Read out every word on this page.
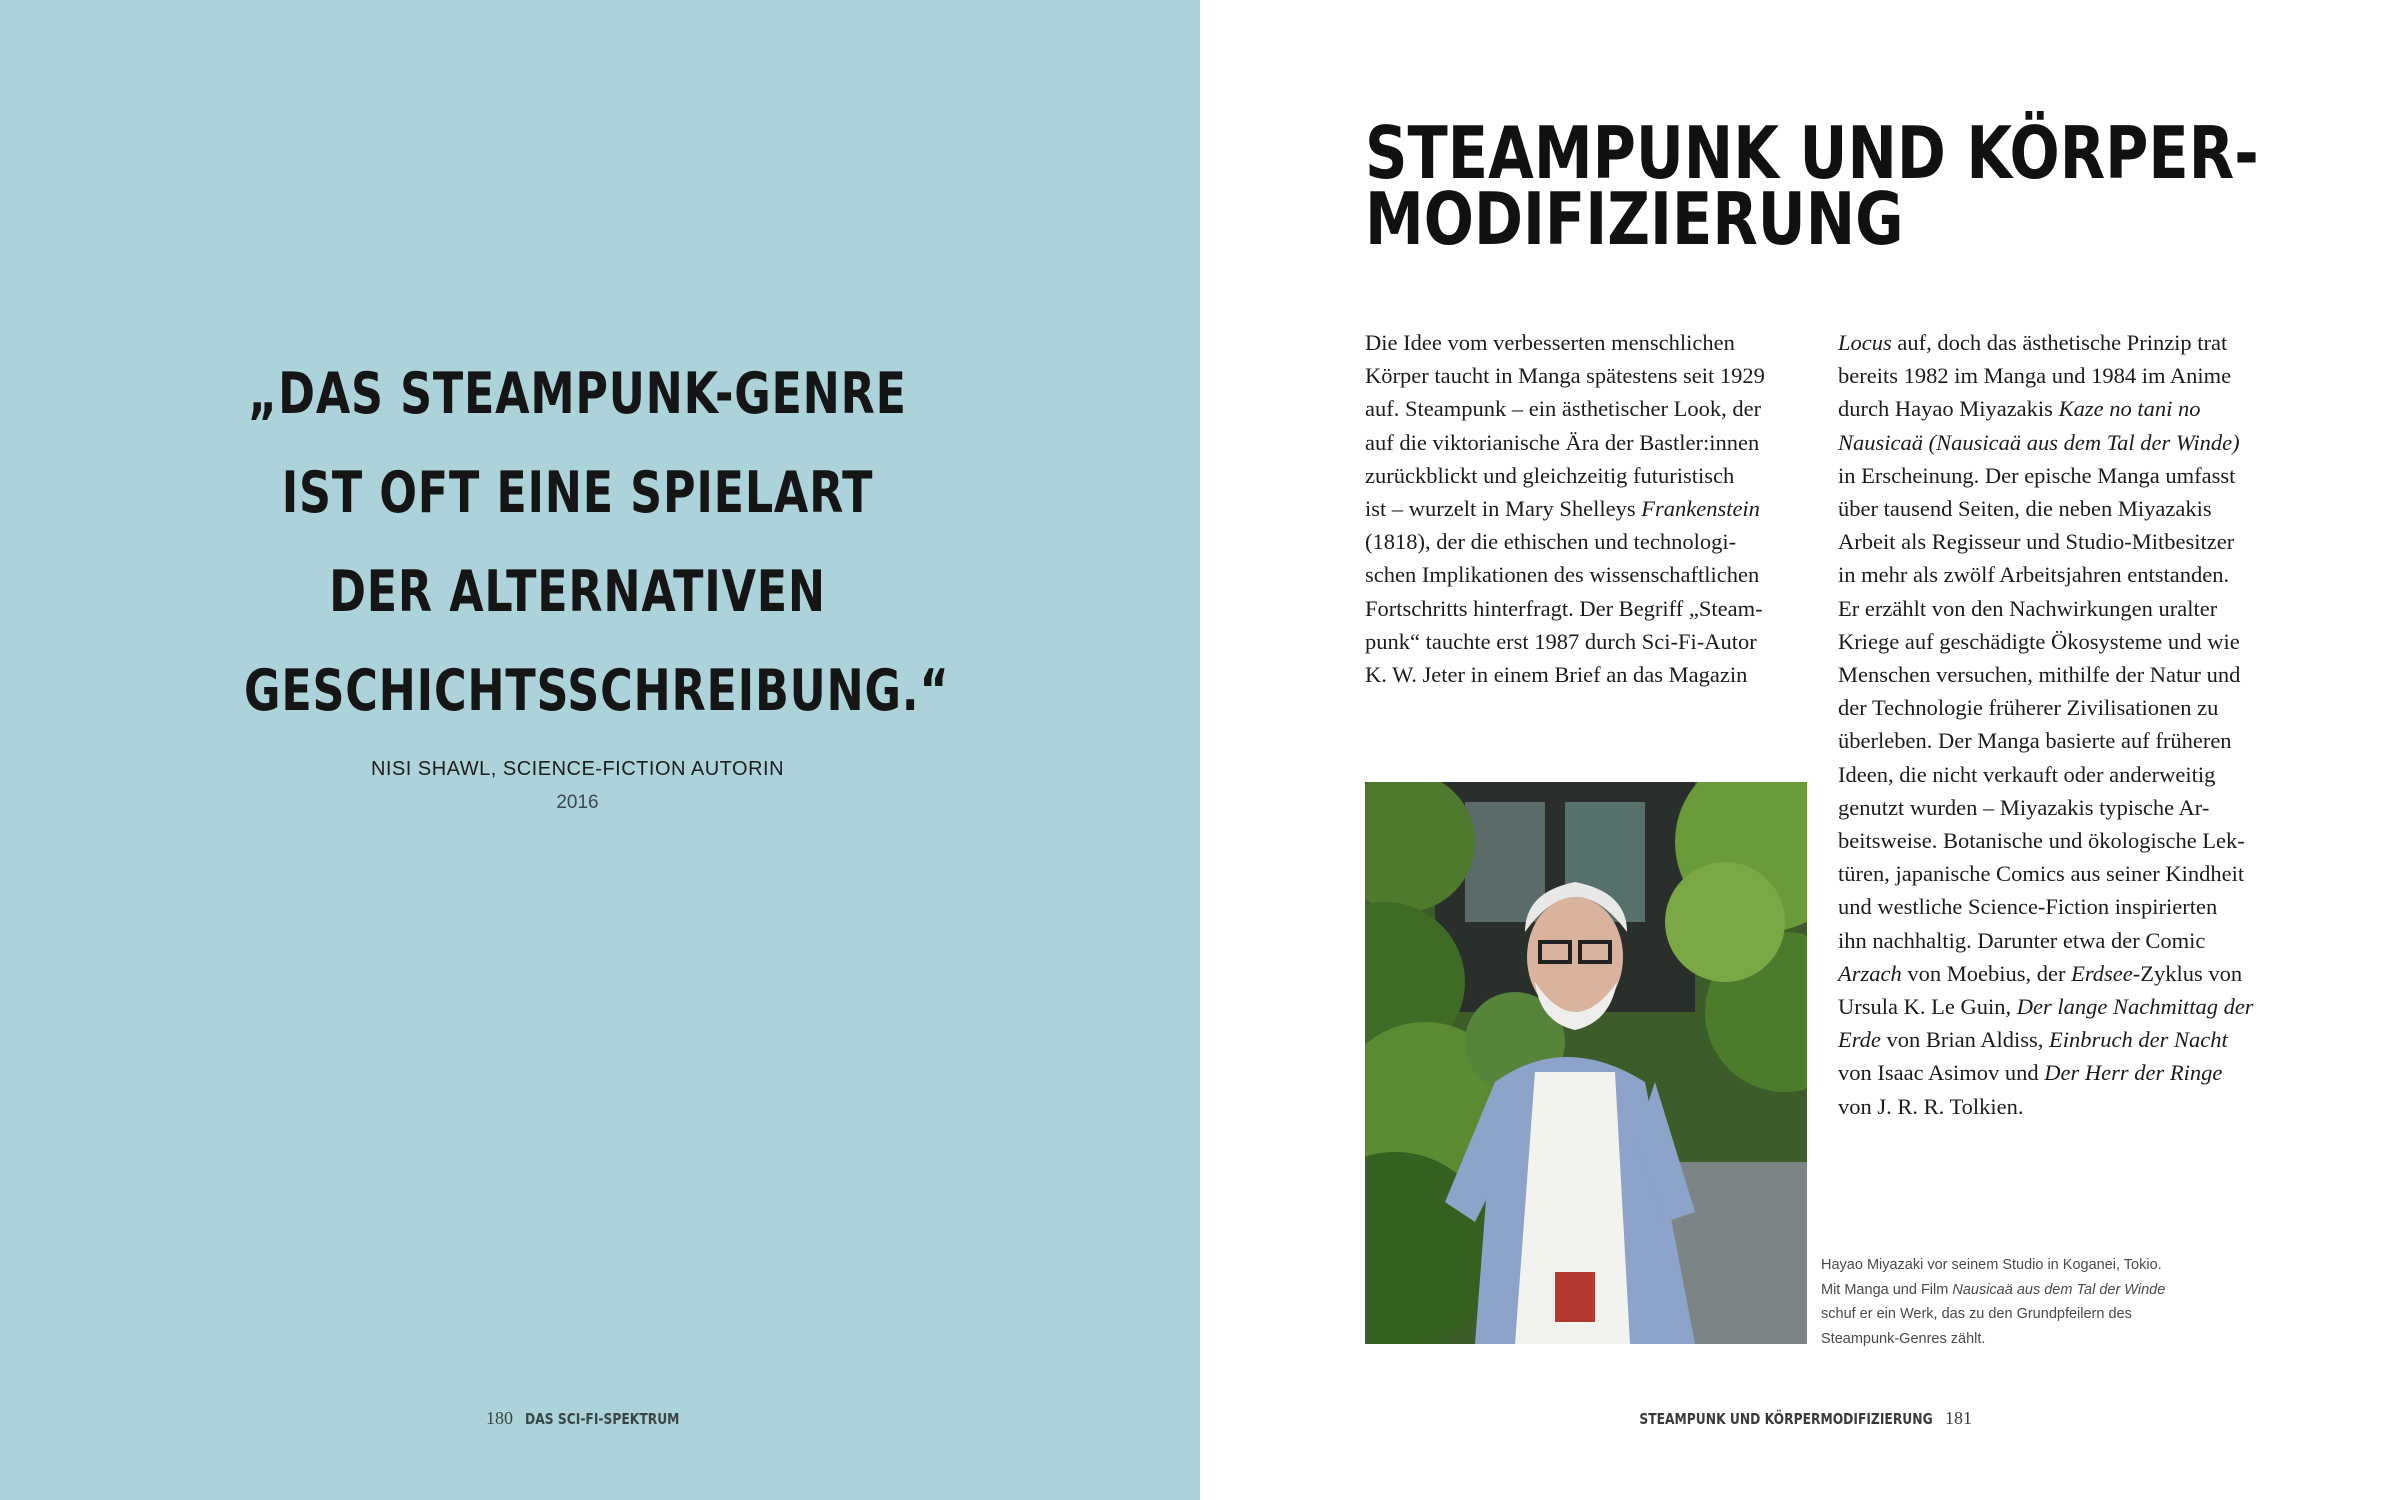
„DAS STEAMPUNK-GENRE
IST OFT EINE SPIELART
DER ALTERNATIVEN
GESCHICHTSSCHREIBUNG.“
NISI SHAWL, SCIENCE-FICTION AUTORIN
2016
180 DAS SCI-FI-SPEKTRUM
STEAMPUNK UND KÖRPER-
MODIFIZIERUNG
Die Idee vom verbesserten menschlichen
Körper taucht in Manga spätestens seit 1929
auf. Steampunk – ein ästhetischer Look, der
auf die viktorianische Ära der Bastler:innen
zurückblickt und gleichzeitig futuristisch
ist – wurzelt in Mary Shelleys Frankenstein
(1818), der die ethischen und technologi-
schen Implikationen des wissenschaftlichen
Fortschritts hinterfragt. Der Begriff „Steam-
punk“ tauchte erst 1987 durch Sci-Fi-Autor
K. W. Jeter in einem Brief an das Magazin
Locus auf, doch das ästhetische Prinzip trat
bereits 1982 im Manga und 1984 im Anime
durch Hayao Miyazakis Kaze no tani no
Nausicaä (Nausicaä aus dem Tal der Winde)
in Erscheinung. Der epische Manga umfasst
über tausend Seiten, die neben Miyazakis
Arbeit als Regisseur und Studio-Mitbesitzer
in mehr als zwölf Arbeitsjahren entstanden.
Er erzählt von den Nachwirkungen uralter
Kriege auf geschädigte Ökosysteme und wie
Menschen versuchen, mithilfe der Natur und
der Technologie früherer Zivilisationen zu
überleben. Der Manga basierte auf früheren
Ideen, die nicht verkauft oder anderweitig
genutzt wurden – Miyazakis typische Ar-
beitsweise. Botanische und ökologische Lek-
türen, japanische Comics aus seiner Kindheit
und westliche Science-Fiction inspirierten
ihn nachhaltig. Darunter etwa der Comic
Arzach von Moebius, der Erdsee-Zyklus von
Ursula K. Le Guin, Der lange Nachmittag der
Erde von Brian Aldiss, Einbruch der Nacht
von Isaac Asimov und Der Herr der Ringe
von J. R. R. Tolkien.
Hayao Miyazaki vor seinem Studio in Koganei, Tokio.
Mit Manga und Film Nausicaä aus dem Tal der Winde
schuf er ein Werk, das zu den Grundpfeilern des
Steampunk-Genres zählt.
STEAMPUNK UND KÖRPERMODIFIZIERUNG 181
